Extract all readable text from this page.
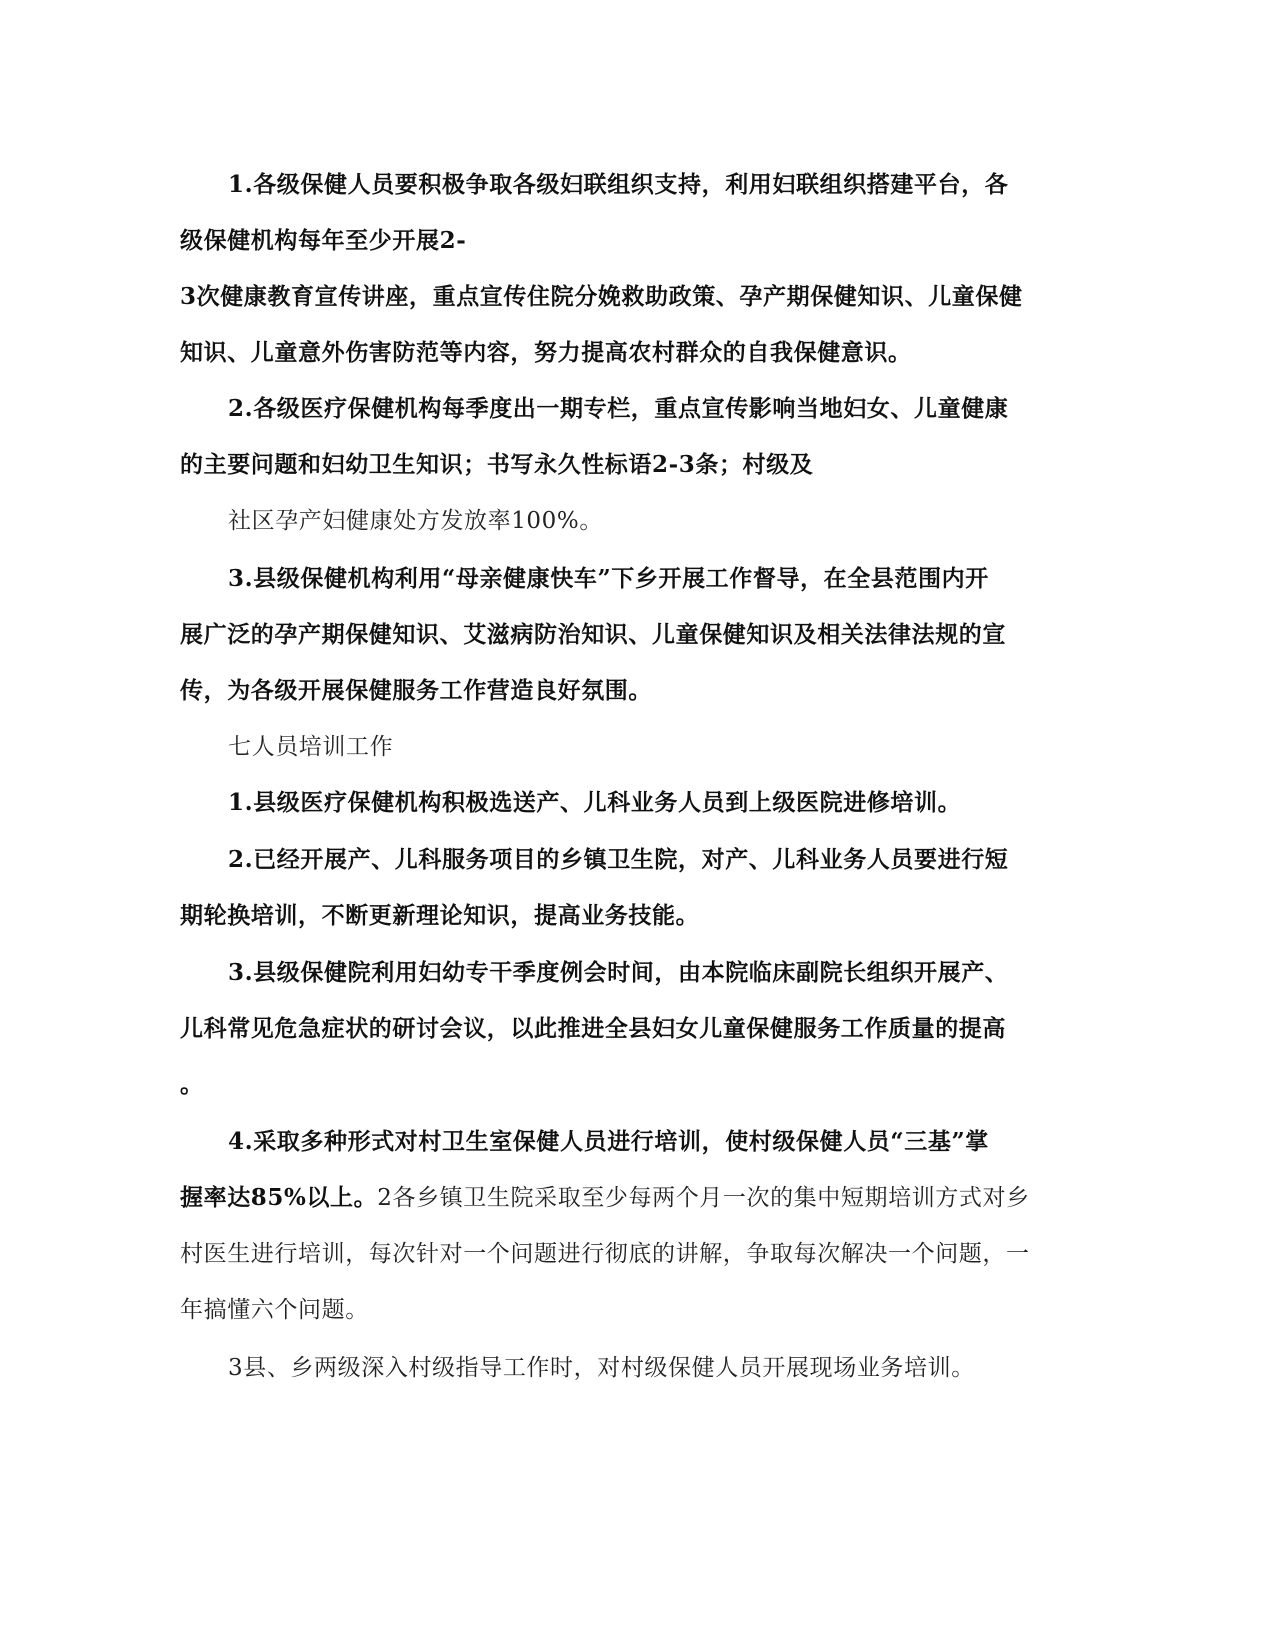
1.各级保健人员要积极争取各级妇联组织支持，利用妇联组织搭建平台，各
级保健机构每年至少开展2-
3次健康教育宣传讲座，重点宣传住院分娩救助政策、孕产期保健知识、儿童保健
知识、儿童意外伤害防范等内容，努力提高农村群众的自我保健意识。
2.各级医疗保健机构每季度出一期专栏，重点宣传影响当地妇女、儿童健康
的主要问题和妇幼卫生知识；书写永久性标语2-3条；村级及
社区孕产妇健康处方发放率100%。
3.县级保健机构利用“母亲健康快车”下乡开展工作督导，在全县范围内开
展广泛的孕产期保健知识、艾滋病防治知识、儿童保健知识及相关法律法规的宣
传，为各级开展保健服务工作营造良好氛围。
七人员培训工作
1.县级医疗保健机构积极选送产、儿科业务人员到上级医院进修培训。
2.已经开展产、儿科服务项目的乡镇卫生院，对产、儿科业务人员要进行短
期轮换培训，不断更新理论知识，提高业务技能。
3.县级保健院利用妇幼专干季度例会时间，由本院临床副院长组织开展产、
儿科常见危急症状的研讨会议，以此推进全县妇女儿童保健服务工作质量的提高
。
4.采取多种形式对村卫生室保健人员进行培训，使村级保健人员“三基”掌
握率达85%以上。2各乡镇卫生院采取至少每两个月一次的集中短期培训方式对乡
村医生进行培训，每次针对一个问题进行彻底的讲解，争取每次解决一个问题，一
年搞懂六个问题。
3县、乡两级深入村级指导工作时，对村级保健人员开展现场业务培训。
